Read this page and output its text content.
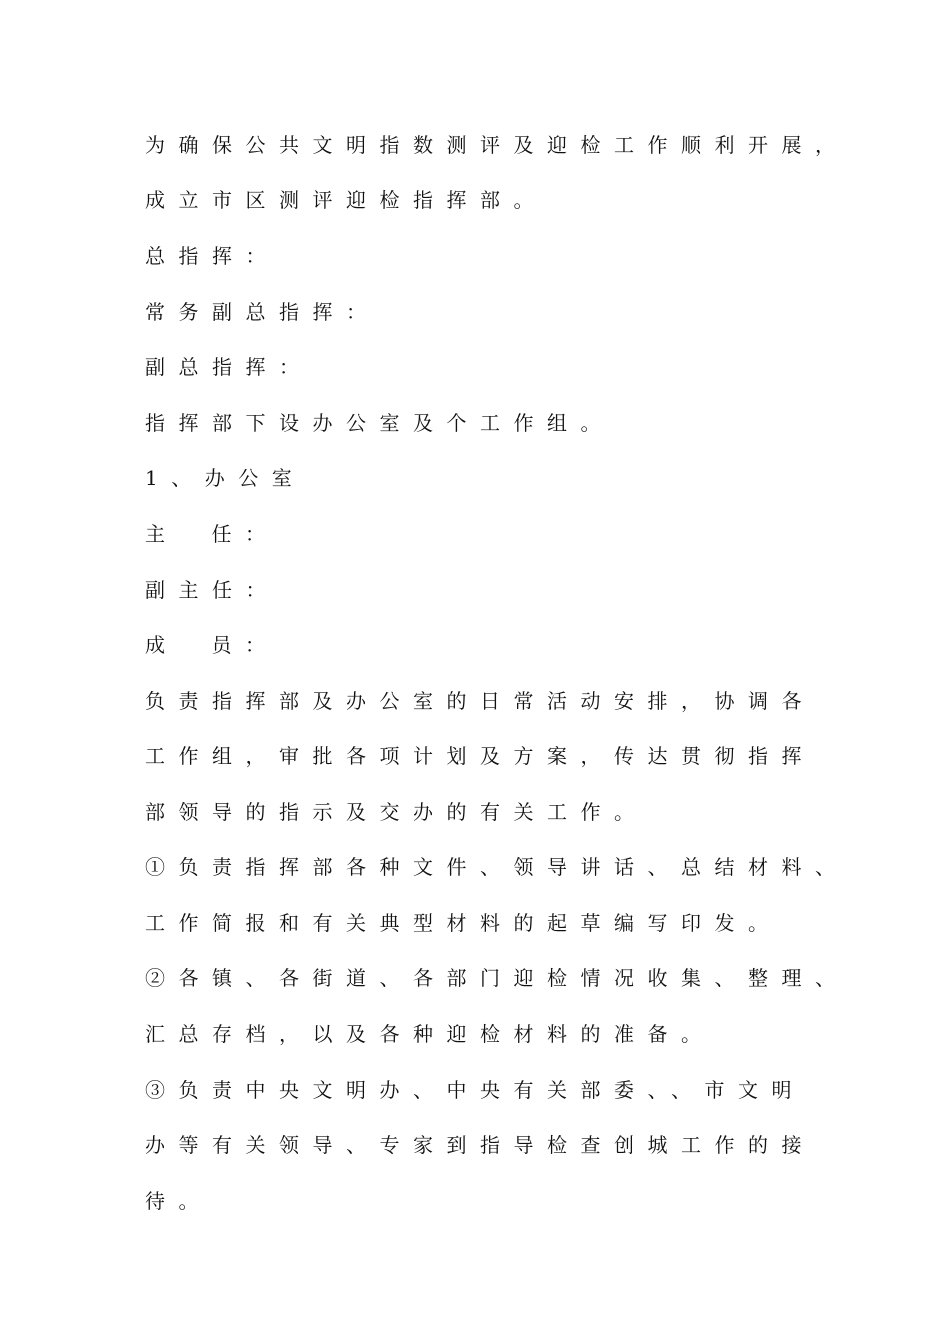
为确保公共文明指数测评及迎检工作顺利开展，
成立市区测评迎检指挥部。
总指挥：
常务副总指挥：
副总指挥：
指挥部下设办公室及个工作组。
1、办公室
主 任：
副主任：
成 员：
负责指挥部及办公室的日常活动安排，协调各
工作组，审批各项计划及方案，传达贯彻指挥
部领导的指示及交办的有关工作。
①负责指挥部各种文件、领导讲话、总结材料、
工作简报和有关典型材料的起草编写印发。
②各镇、各街道、各部门迎检情况收集、整理、
汇总存档，以及各种迎检材料的准备。
③负责中央文明办、中央有关部委、、市文明
办等有关领导、专家到指导检查创城工作的接
待。
